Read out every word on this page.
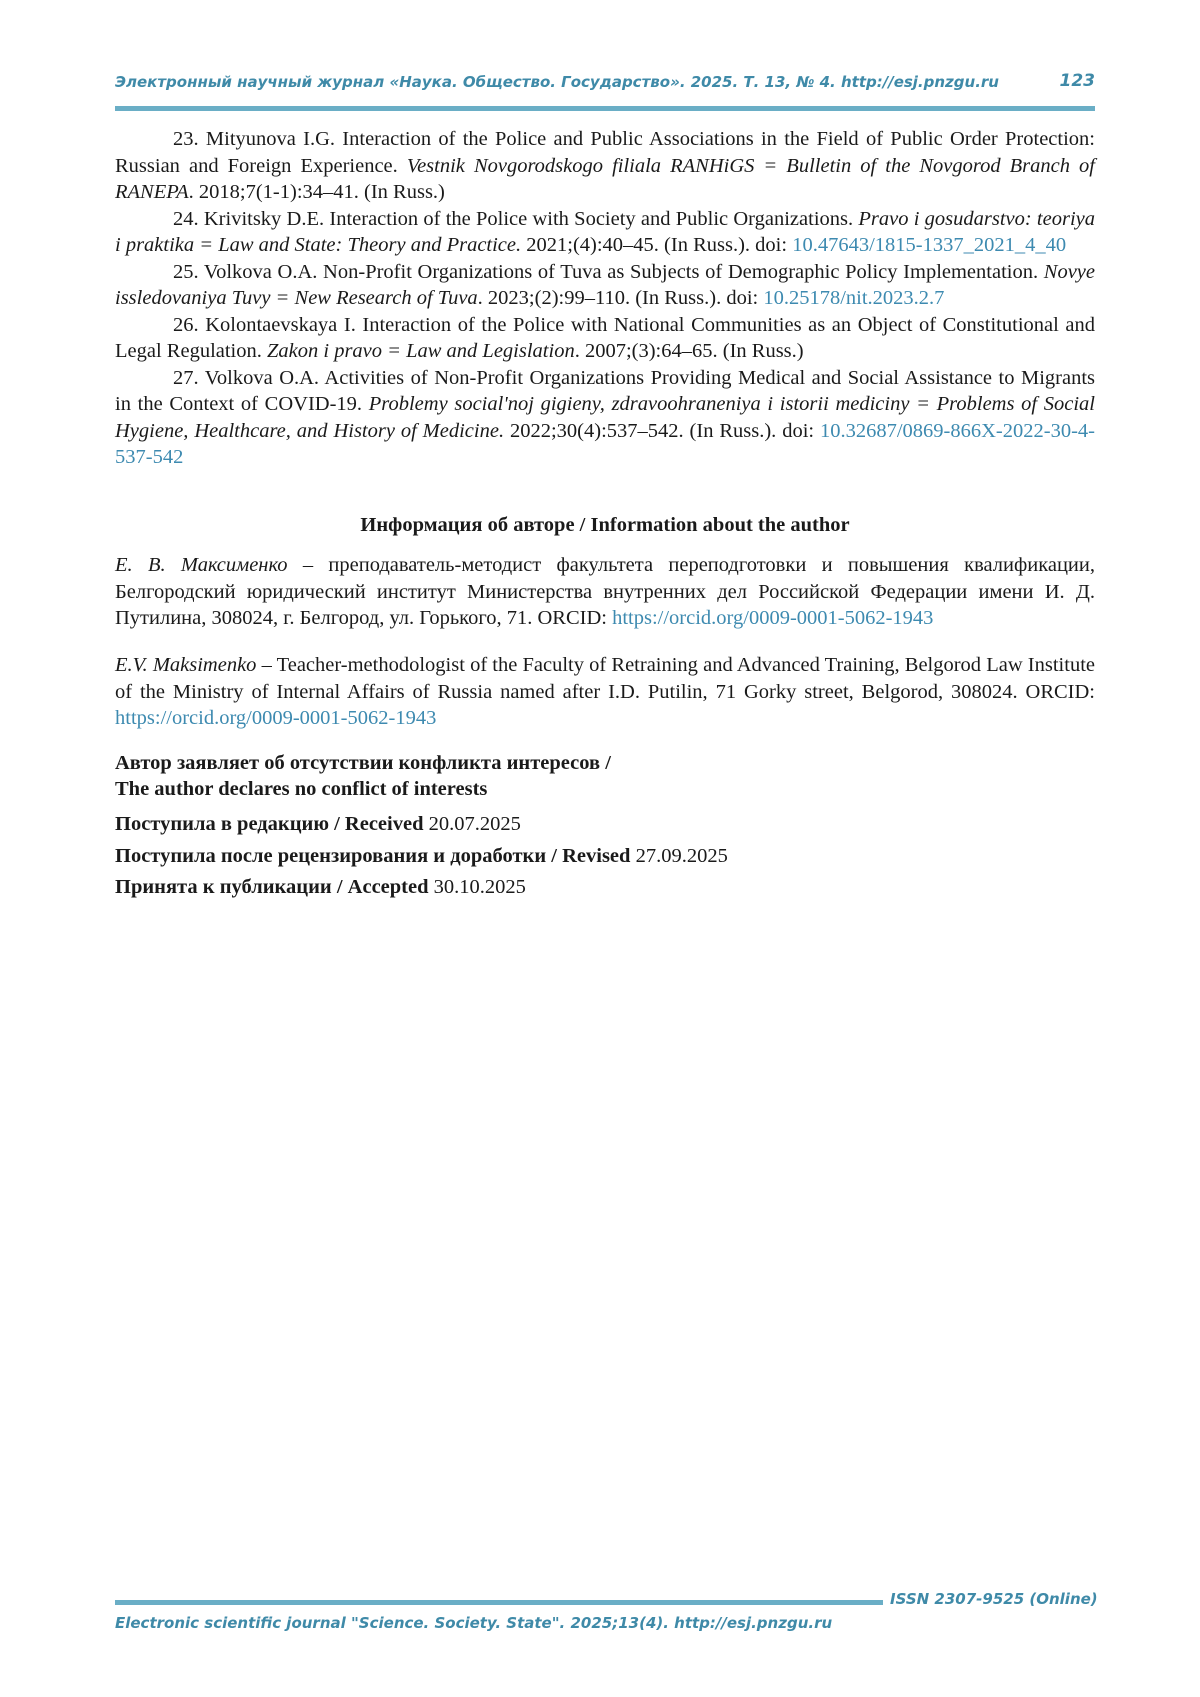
Электронный научный журнал «Наука. Общество. Государство». 2025. Т. 13, № 4. http://esj.pnzgu.ru	123

23. Mityunova I.G. Interaction of the Police and Public Associations in the Field of Public Order Protection: Russian and Foreign Experience. Vestnik Novgorodskogo filiala RANHiGS = Bulletin of the Novgorod Branch of RANEPA. 2018;7(1-1):34–41. (In Russ.)

24. Krivitsky D.E. Interaction of the Police with Society and Public Organizations. Pravo i gosudarstvo: teoriya i praktika = Law and State: Theory and Practice. 2021;(4):40–45. (In Russ.). doi: 10.47643/1815-1337_2021_4_40

25. Volkova O.A. Non-Profit Organizations of Tuva as Subjects of Demographic Policy Implementation. Novye issledovaniya Tuvy = New Research of Tuva. 2023;(2):99–110. (In Russ.). doi: 10.25178/nit.2023.2.7

26. Kolontaevskaya I. Interaction of the Police with National Communities as an Object of Constitutional and Legal Regulation. Zakon i pravo = Law and Legislation. 2007;(3):64–65. (In Russ.)

27. Volkova O.A. Activities of Non-Profit Organizations Providing Medical and Social Assistance to Migrants in the Context of COVID-19. Problemy social'noj gigieny, zdravoohraneniya i istorii mediciny = Problems of Social Hygiene, Healthcare, and History of Medicine. 2022;30(4):537–542. (In Russ.). doi: 10.32687/0869-866X-2022-30-4-537-542

Информация об авторе / Information about the author

Е. В. Максименко – преподаватель-методист факультета переподготовки и повышения квалификации, Белгородский юридический институт Министерства внутренних дел Российской Федерации имени И. Д. Путилина, 308024, г. Белгород, ул. Горького, 71. ORCID: https://orcid.org/0009-0001-5062-1943

E.V. Maksimenko – Teacher-methodologist of the Faculty of Retraining and Advanced Training, Belgorod Law Institute of the Ministry of Internal Affairs of Russia named after I.D. Putilin, 71 Gorky street, Belgorod, 308024. ORCID: https://orcid.org/0009-0001-5062-1943

Автор заявляет об отсутствии конфликта интересов /
The author declares no conflict of interests
Поступила в редакцию / Received 20.07.2025
Поступила после рецензирования и доработки / Revised 27.09.2025
Принята к публикации / Accepted 30.10.2025
ISSN 2307-9525 (Online)
Electronic scientific journal "Science. Society. State". 2025;13(4). http://esj.pnzgu.ru
